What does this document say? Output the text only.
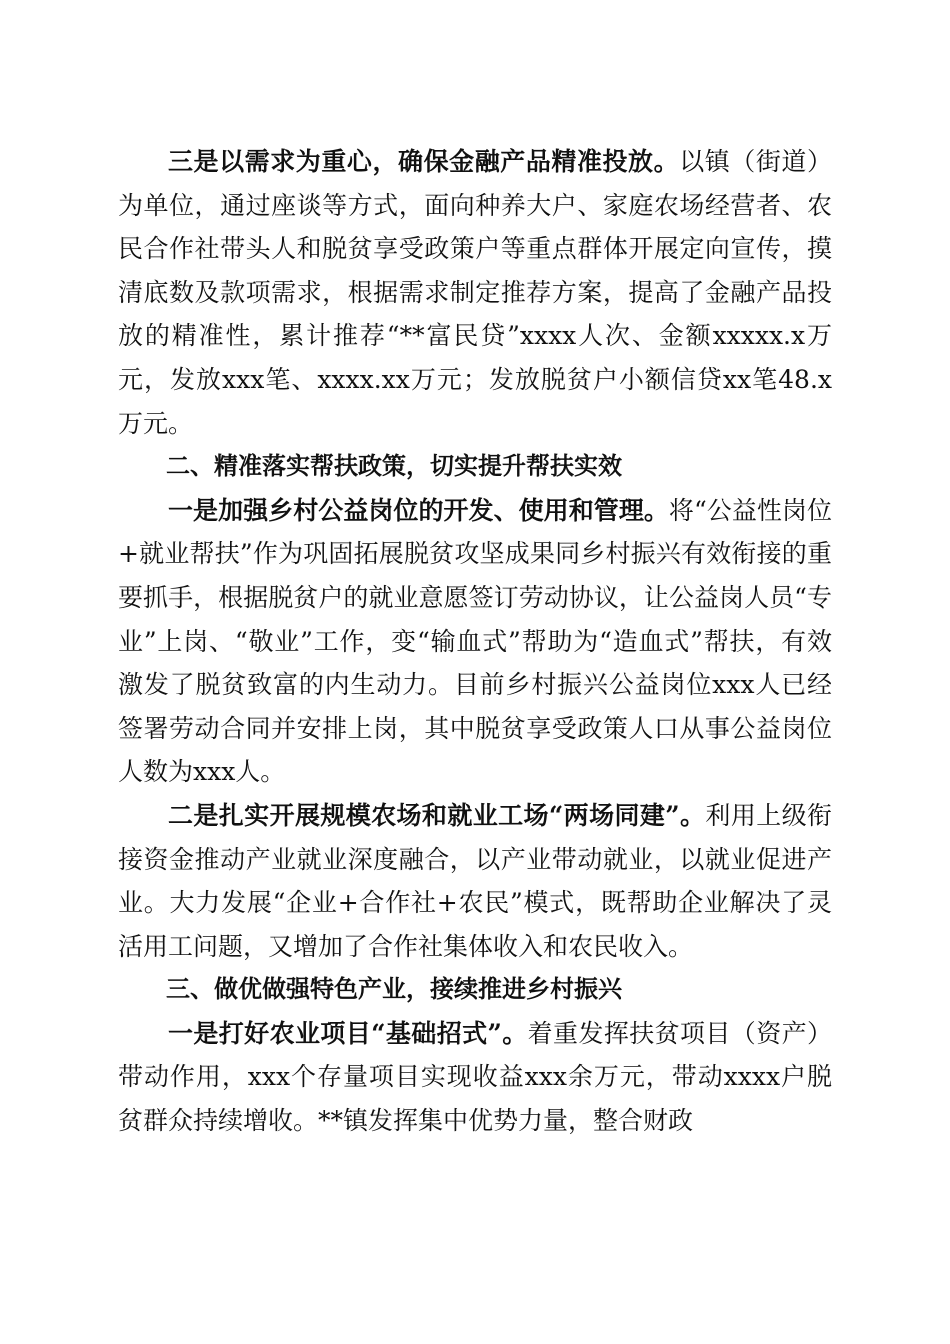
三是以需求为重心，确保金融产品精准投放。以镇（街道）为单位，通过座谈等方式，面向种养大户、家庭农场经营者、农民合作社带头人和脱贫享受政策户等重点群体开展定向宣传，摸清底数及款项需求，根据需求制定推荐方案，提高了金融产品投放的精准性，累计推荐“**富民贷”xxxx人次、金额xxxxx.x万元，发放xxx笔、xxxx.xx万元；发放脱贫户小额信贷xx笔48.x万元。

二、精准落实帮扶政策，切实提升帮扶实效

一是加强乡村公益岗位的开发、使用和管理。将“公益性岗位+就业帮扶”作为巩固拓展脱贫攻坚成果同乡村振兴有效衔接的重要抓手，根据脱贫户的就业意愿签订劳动协议，让公益岗人员“专业”上岗、“敬业”工作，变“输血式”帮助为“造血式”帮扶，有效激发了脱贫致富的内生动力。目前乡村振兴公益岗位xxx人已经签署劳动合同并安排上岗，其中脱贫享受政策人口从事公益岗位人数为xxx人。

二是扎实开展规模农场和就业工场“两场同建”。利用上级衔接资金推动产业就业深度融合，以产业带动就业，以就业促进产业。大力发展“企业+合作社+农民”模式，既帮助企业解决了灵活用工问题，又增加了合作社集体收入和农民收入。

三、做优做强特色产业，接续推进乡村振兴

一是打好农业项目“基础招式”。着重发挥扶贫项目（资产）带动作用，xxx个存量项目实现收益xxx余万元，带动xxxx户脱贫群众持续增收。**镇发挥集中优势力量，整合财政
